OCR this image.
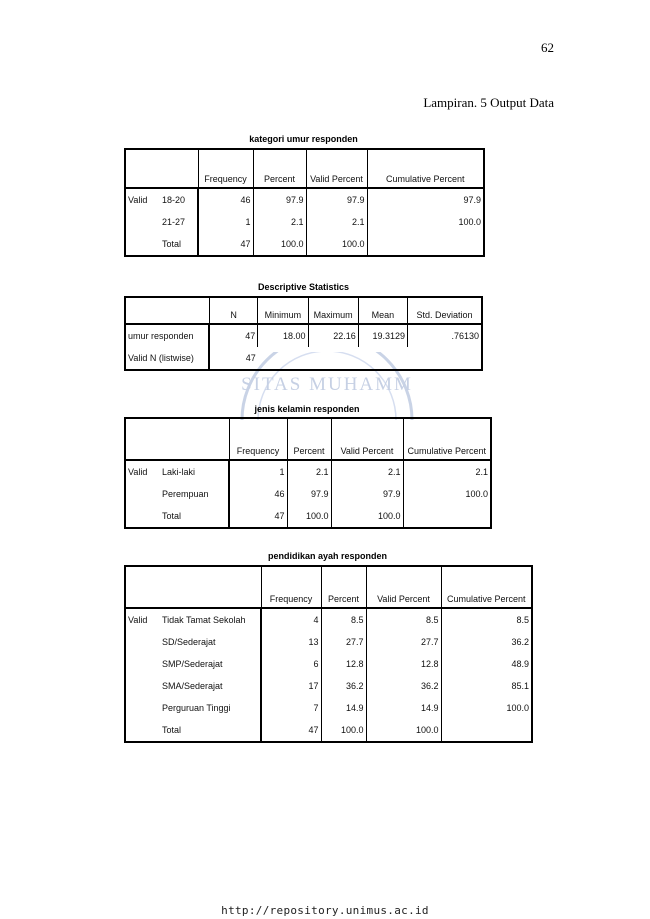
62
Lampiran. 5 Output Data
SITAS MUHAMM
kategori umur responden
		Frequency	Percent	Valid Percent	Cumulative Percent
Valid	18-20	46	97.9	97.9	97.9
	21-27	1	2.1	2.1	100.0
	Total	47	100.0	100.0	
Descriptive Statistics
	N	Minimum	Maximum	Mean	Std. Deviation
umur responden	47	18.00	22.16	19.3129	.76130
Valid N (listwise)	47				
jenis kelamin responden
		Frequency	Percent	Valid Percent	Cumulative Percent
Valid	Laki-laki	1	2.1	2.1	2.1
	Perempuan	46	97.9	97.9	100.0
	Total	47	100.0	100.0	
pendidikan ayah responden
		Frequency	Percent	Valid Percent	Cumulative Percent
Valid	Tidak Tamat Sekolah	4	8.5	8.5	8.5
	SD/Sederajat	13	27.7	27.7	36.2
	SMP/Sederajat	6	12.8	12.8	48.9
	SMA/Sederajat	17	36.2	36.2	85.1
	Perguruan Tinggi	7	14.9	14.9	100.0
	Total	47	100.0	100.0	
http://repository.unimus.ac.id
